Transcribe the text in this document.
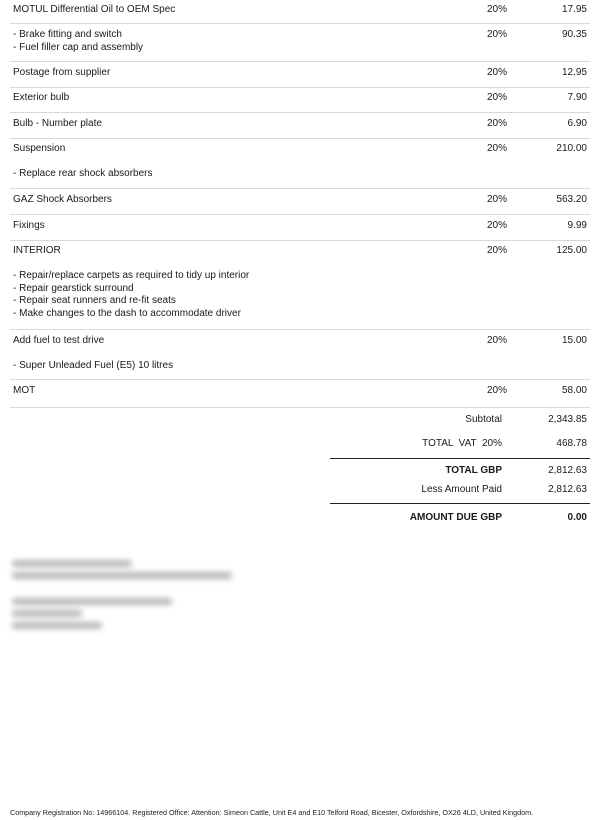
MOTUL Differential Oil to OEM Spec	20%	17.95
- Brake fitting and switch
- Fuel filler cap and assembly
20%	90.35
Postage from supplier	20%	12.95
Exterior bulb	20%	7.90
Bulb - Number plate	20%	6.90
Suspension
- Replace rear shock absorbers
20%	210.00
GAZ Shock Absorbers	20%	563.20
Fixings	20%	9.99
INTERIOR
- Repair/replace carpets as required to tidy up interior
- Repair gearstick surround
- Repair seat runners and re-fit seats
- Make changes to the dash to accommodate driver
20%	125.00
Add fuel to test drive
- Super Unleaded Fuel (E5) 10 litres
20%	15.00
MOT	20%	58.00
Subtotal	2,343.85
TOTAL  VAT  20%	468.78
TOTAL GBP	2,812.63
Less Amount Paid	2,812.63
AMOUNT DUE GBP	0.00
Company Registration No: 14966104. Registered Office: Attention: Simeon Cattle, Unit E4 and E10 Telford Road, Bicester, Oxfordshire, OX26 4LD, United Kingdom.
